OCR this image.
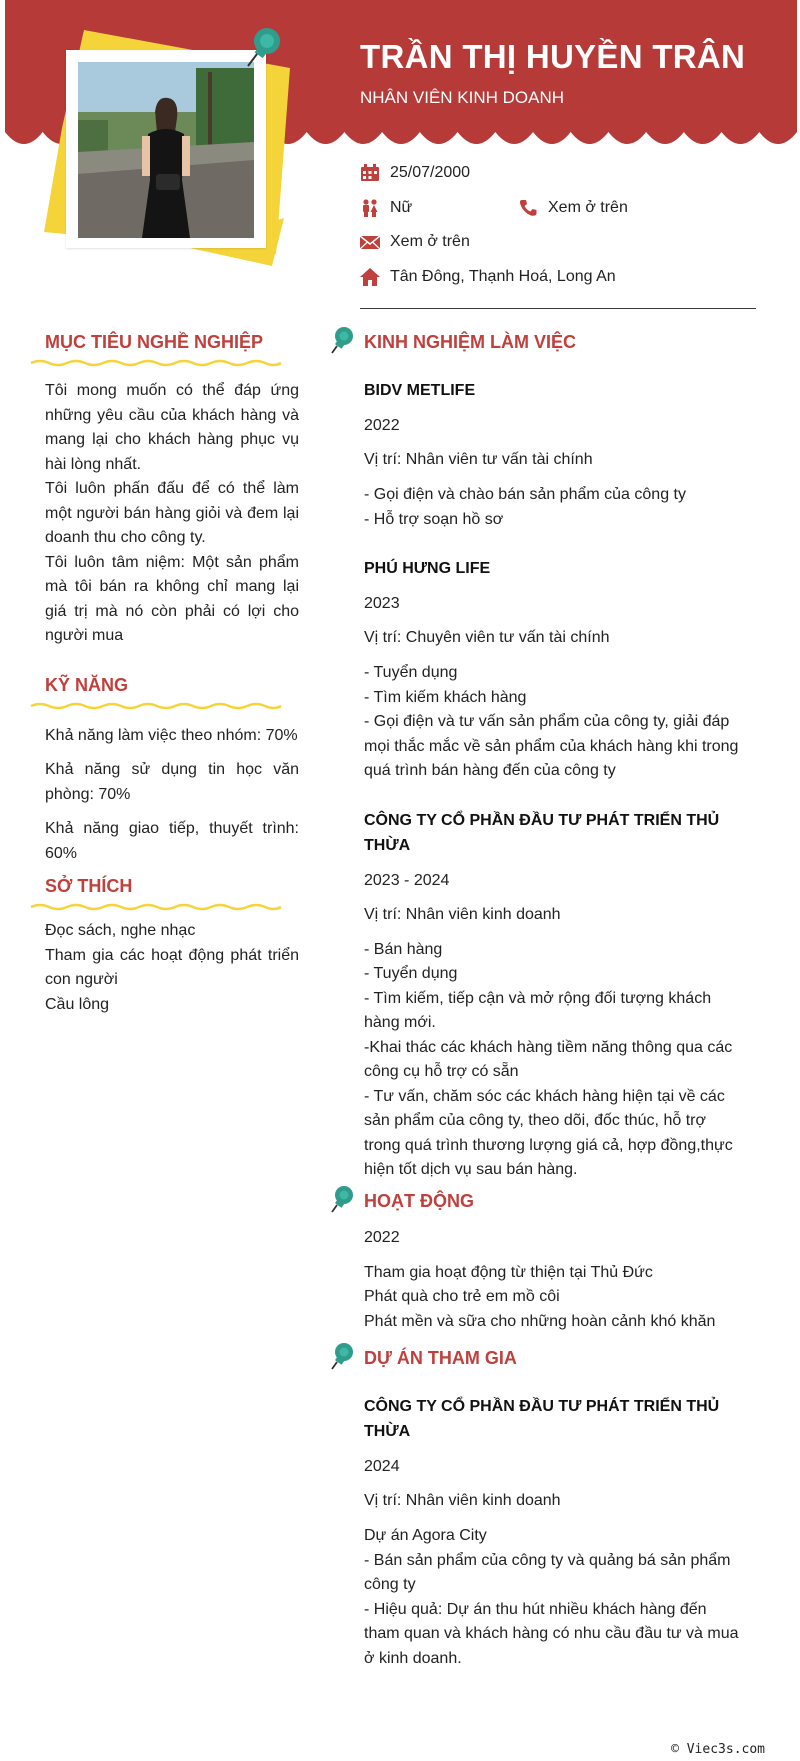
TRẦN THỊ HUYỀN TRÂN
NHÂN VIÊN KINH DOANH
25/07/2000
Nữ	Xem ở trên
Xem ở trên
Tân Đông, Thạnh Hoá, Long An
MỤC TIÊU NGHỀ NGHIỆP

Tôi mong muốn có thể đáp ứng những yêu cầu của khách hàng và mang lại cho khách hàng phục vụ hài lòng nhất.

Tôi luôn phấn đấu để có thể làm một người bán hàng giỏi và đem lại doanh thu cho công ty.

Tôi luôn tâm niệm: Một sản phẩm mà tôi bán ra không chỉ mang lại giá trị mà nó còn phải có lợi cho người mua

KỸ NĂNG
Khả năng làm việc theo nhóm: 70%
Khả năng sử dụng tin học văn phòng: 70%
Khả năng giao tiếp, thuyết trình: 60%
SỞ THÍCH
Đọc sách, nghe nhạc
Tham gia các hoạt động phát triển con người
Cầu lông
KINH NGHIỆM LÀM VIỆC
BIDV METLIFE
2022
Vị trí: Nhân viên tư vấn tài chính
- Gọi điện và chào bán sản phẩm của công ty
- Hỗ trợ soạn hồ sơ
PHÚ HƯNG LIFE
2023
Vị trí: Chuyên viên tư vấn tài chính
- Tuyển dụng
- Tìm kiếm khách hàng
- Gọi điện và tư vấn sản phẩm của công ty, giải đáp mọi thắc mắc về sản phẩm của khách hàng khi trong quá trình bán hàng đến của công ty
CÔNG TY CỔ PHẦN ĐẦU TƯ PHÁT TRIỂN THỦ THỪA
2023 - 2024
Vị trí: Nhân viên kinh doanh
- Bán hàng
- Tuyển dụng
- Tìm kiếm, tiếp cận và mở rộng đối tượng khách hàng mới.
-Khai thác các khách hàng tiềm năng thông qua các công cụ hỗ trợ có sẵn
- Tư vấn, chăm sóc các khách hàng hiện tại về các sản phẩm của công ty, theo dõi, đốc thúc, hỗ trợ trong quá trình thương lượng giá cả, hợp đồng,thực hiện tốt dịch vụ sau bán hàng.
HOẠT ĐỘNG
2022
Tham gia hoạt động từ thiện tại Thủ Đức
Phát quà cho trẻ em mồ côi
Phát mền và sữa cho những hoàn cảnh khó khăn
DỰ ÁN THAM GIA
CÔNG TY CỔ PHẦN ĐẦU TƯ PHÁT TRIỂN THỦ THỪA
2024
Vị trí: Nhân viên kinh doanh
Dự án Agora City
- Bán sản phẩm của công ty và quảng bá sản phẩm công ty
- Hiệu quả: Dự án thu hút nhiều khách hàng đến tham quan và khách hàng có nhu cầu đầu tư và mua ở kinh doanh.
© Viec3s.com
